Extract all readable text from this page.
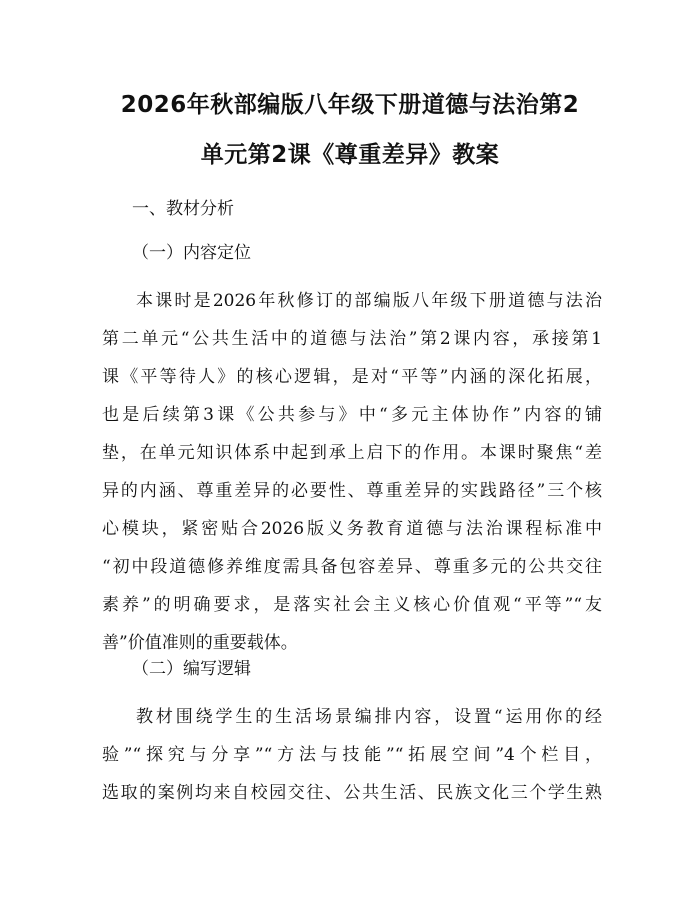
2026年秋部编版八年级下册道德与法治第2
单元第2课《尊重差异》教案
一、教材分析
（一）内容定位
本课时是2026年秋修订的部编版八年级下册道德与法治
第二单元“公共生活中的道德与法治”第2课内容，承接第1
课《平等待人》的核心逻辑，是对“平等”内涵的深化拓展，
也是后续第3课《公共参与》中“多元主体协作”内容的铺
垫，在单元知识体系中起到承上启下的作用。本课时聚焦“差
异的内涵、尊重差异的必要性、尊重差异的实践路径”三个核
心模块，紧密贴合2026版义务教育道德与法治课程标准中
“初中段道德修养维度需具备包容差异、尊重多元的公共交往
素养”的明确要求，是落实社会主义核心价值观“平等”“友
善”价值准则的重要载体。
（二）编写逻辑
教材围绕学生的生活场景编排内容，设置“运用你的经
验”“探究与分享”“方法与技能”“拓展空间”4个栏目，
选取的案例均来自校园交往、公共生活、民族文化三个学生熟
